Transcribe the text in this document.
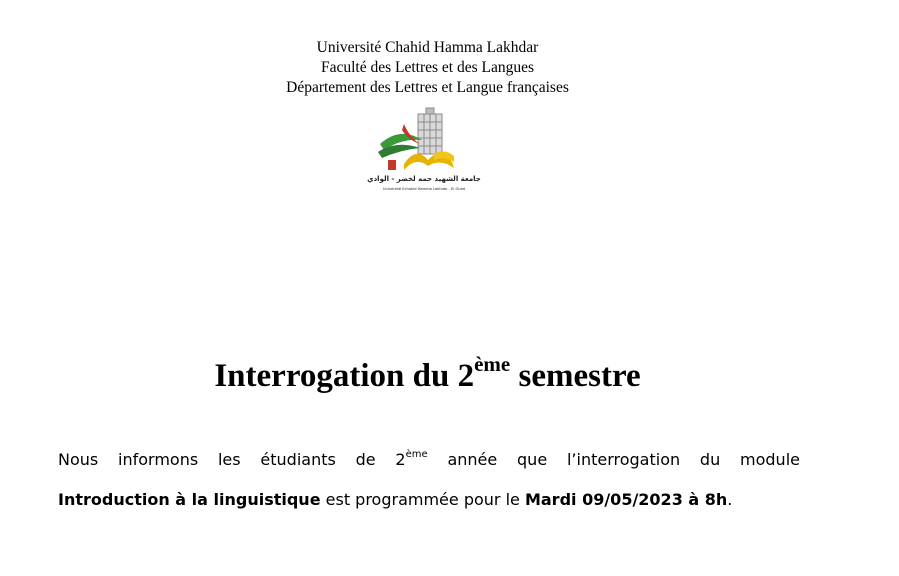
Université Chahid Hamma Lakhdar
Faculté des Lettres et des Langues
Département des Lettres et Langue françaises
جامعة الشهيد حمه لخضر - الوادي
Université Echahid Hamma Lakhdar - El Oued
Interrogation du 2ème semestre
Nous informons les étudiants de 2ème année que l’interrogation du module
Introduction à la linguistique est programmée pour le Mardi 09/05/2023 à 8h.
